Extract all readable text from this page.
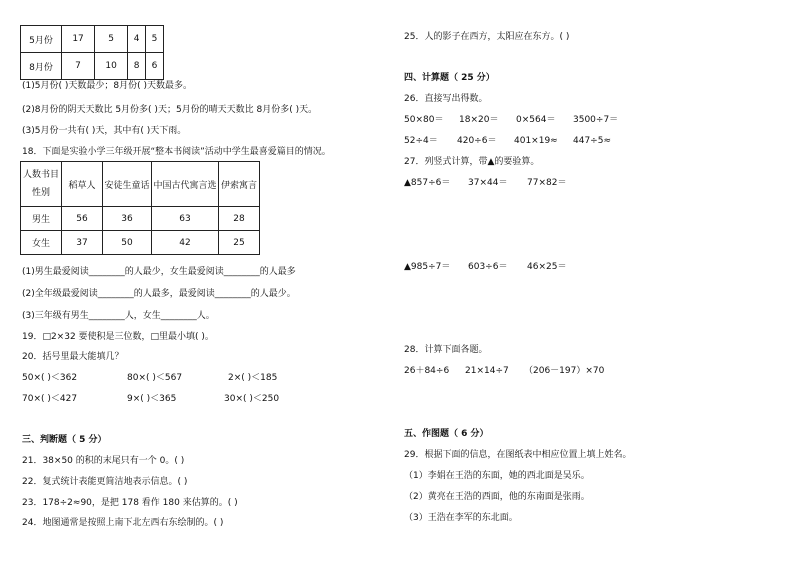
5月份	17	5	4	5
8月份	7	10	8	6
(1)5月份( )天数最少；8月份( )天数最多。
(2)8月份的阴天天数比 5月份多( )天；5月份的晴天天数比 8月份多( )天。
(3)5月份一共有( )天，其中有( )天下雨。
18．下面是实验小学三年级开展“整本书阅读”活动中学生最喜爱篇目的情况。
人数书目
性别	稻草人	安徒生童话	中国古代寓言选	伊索寓言
男生	56	36	63	28
女生	37	50	42	25
(1)男生最爱阅读________的人最少，女生最爱阅读________的人最多
(2)全年级最爱阅读________的人最多，最爱阅读________的人最少。
(3)三年级有男生________人，女生________人。
19．□2×32 要使积是三位数，□里最小填( )。
20．括号里最大能填几？
50×( )＜362	80×( )＜567	2×( )＜185
70×( )＜427	9×( )＜365	30×( )＜250
三、判断题（ 5 分）
21．38×50 的积的末尾只有一个 0。( )
22．复式统计表能更简洁地表示信息。( )
23．178÷2≈90，是把 178 看作 180 来估算的。( )
24．地图通常是按照上南下北左西右东绘制的。( )
25．人的影子在西方，太阳应在东方。( )
四、计算题（ 25 分）
26．直接写出得数。
50×80＝ 18×20＝ 0×564＝ 3500÷7＝
52÷4＝ 420÷6＝ 401×19≈ 447÷5≈
27．列竖式计算，带▲的要验算。
▲857÷6＝ 37×44＝ 77×82＝
▲985÷7＝ 603÷6＝ 46×25＝
28．计算下面各题。
26＋84÷6 21×14÷7 （206－197）×70
五、作图题（ 6 分）
29．根据下面的信息，在图纸表中相应位置上填上姓名。
（1）李娟在王浩的东面，她的西北面是吴乐。
（2）黄亮在王浩的西面，他的东南面是张雨。
（3）王浩在李军的东北面。
